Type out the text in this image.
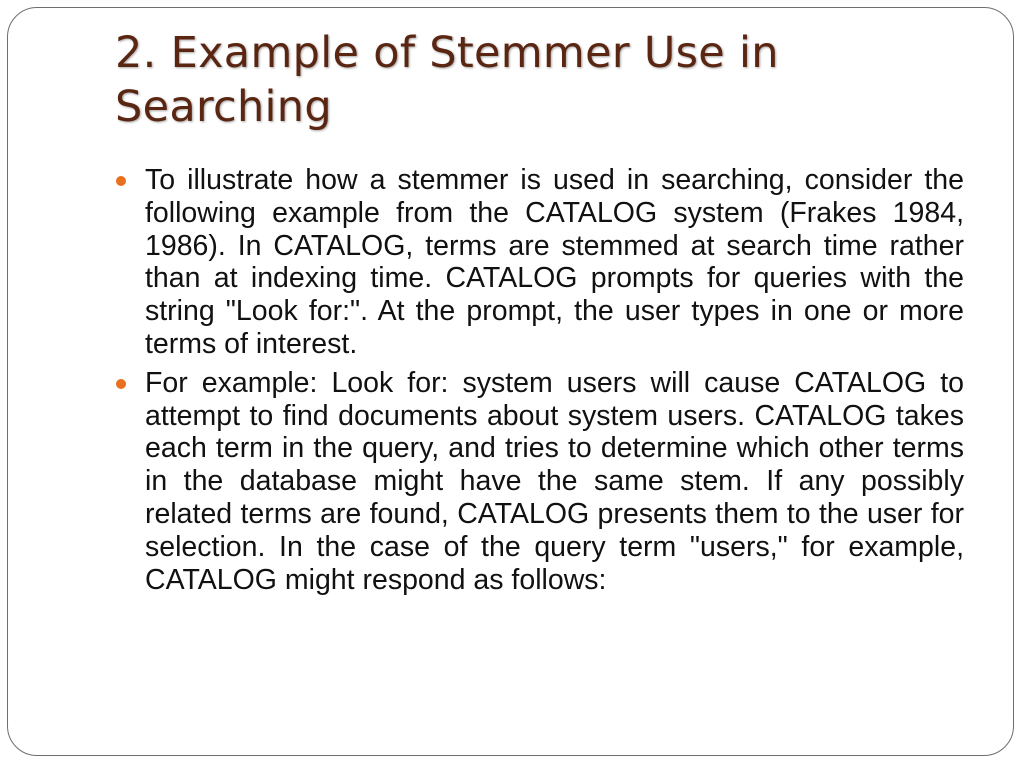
2. Example of Stemmer Use in Searching
To illustrate how a stemmer is used in searching, consider the following example from the CATALOG system (Frakes 1984, 1986). In CATALOG, terms are stemmed at search time rather than at indexing time. CATALOG prompts for queries with the string "Look for:". At the prompt, the user types in one or more terms of interest.
For example: Look for: system users will cause CATALOG to attempt to find documents about system users. CATALOG takes each term in the query, and tries to determine which other terms in the database might have the same stem. If any possibly related terms are found, CATALOG presents them to the user for selection. In the case of the query term "users," for example, CATALOG might respond as follows:
